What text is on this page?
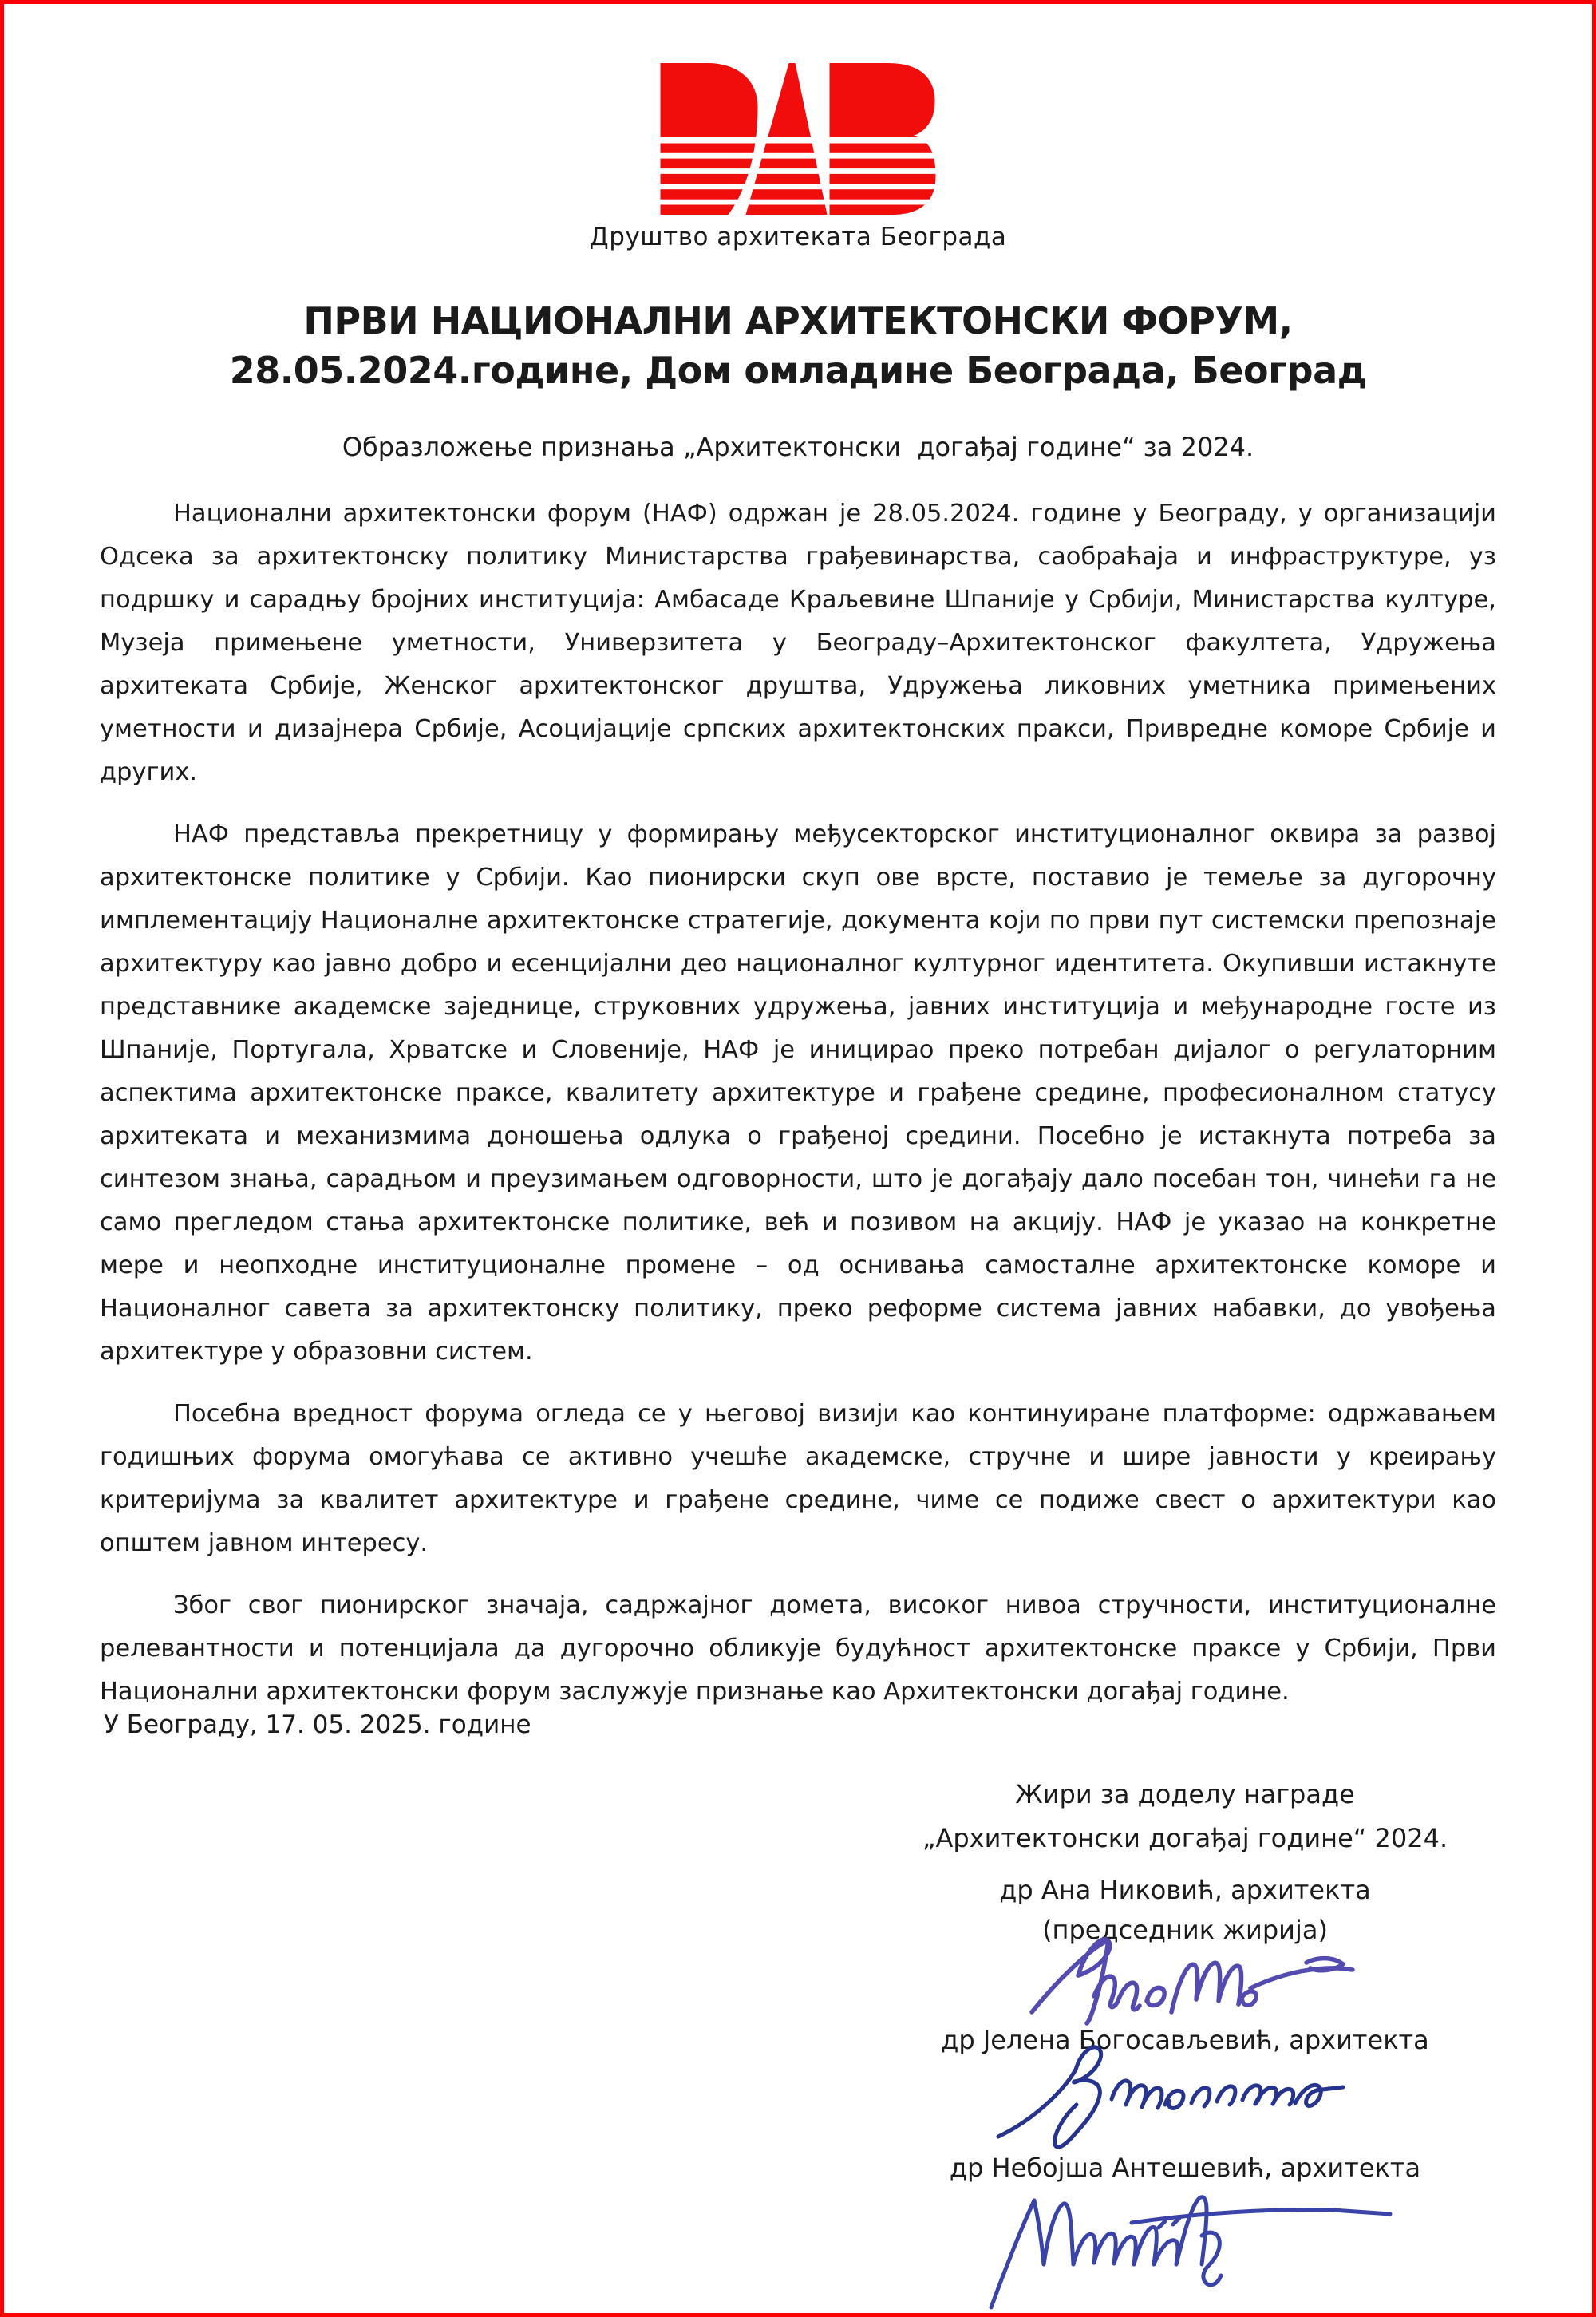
Друштво архитеката Београда
ПРВИ НАЦИОНАЛНИ АРХИТЕКТОНСКИ ФОРУМ,
28.05.2024.године, Дом омладине Београда, Београд
Образложење признања „Архитектонски  догађај године“ за 2024.

Национални архитектонски форум (НАФ) одржан је 28.05.2024. године у Београду, у организацији Одсека за архитектонску политику Министарства грађевинарства, саобраћаја и инфраструктуре, уз подршку и сарадњу бројних институција: Амбасаде Краљевине Шпаније у Србији, Министарства културе, Музеја примењене уметности, Универзитета у Београду–Архитектонског факултета, Удружења архитеката Србије, Женског архитектонског друштва, Удружења ликовних уметника примењених уметности и дизајнера Србије, Асоцијације српских архитектонских пракси, Привредне коморе Србије и других.

НАФ представља прекретницу у формирању међусекторског институционалног оквира за развој архитектонске политике у Србији. Као пионирски скуп ове врсте, поставио је темеље за дугорочну имплементацију Националне архитектонске стратегије, документа који по први пут системски препознаје архитектуру као јавно добро и есенцијални део националног културног идентитета. Окупивши истакнуте представнике академске заједнице, струковних удружења, јавних институција и међународне госте из Шпаније, Португала, Хрватске и Словеније, НАФ је иницирао преко потребан дијалог о регулаторним аспектима архитектонске праксе, квалитету архитектуре и грађене средине, професионалном статусу архитеката и механизмима доношења одлука о грађеној средини. Посебно је истакнута потреба за синтезом знања, сарадњом и преузимањем одговорности, што је догађају дало посебан тон, чинећи га не само прегледом стања архитектонске политике, већ и позивом на акцију. НАФ је указао на конкретне мере и неопходне институционалне промене – од оснивања самосталне архитектонске коморе и Националног савета за архитектонску политику, преко реформе система јавних набавки, до увођења архитектуре у образовни систем.

Посебна вредност форума огледа се у његовој визији као континуиране платформе: одржавањем годишњих форума омогућава се активно учешће академске, стручне и шире јавности у креирању критеријума за квалитет архитектуре и грађене средине, чиме се подиже свест о архитектури као општем јавном интересу.

Због свог пионирског значаја, садржајног домета, високог нивоа стручности, институционалне релевантности и потенцијала да дугорочно обликује будућност архитектонске праксе у Србији, Први Национални архитектонски форум заслужује признање као Архитектонски догађај године.

У Београду, 17. 05. 2025. године
Жири за доделу награде
„Архитектонски догађај године“ 2024.
др Ана Никовић, архитекта
(председник жирија)
др Јелена Богосављевић, архитекта
др Небојша Антешевић, архитекта
